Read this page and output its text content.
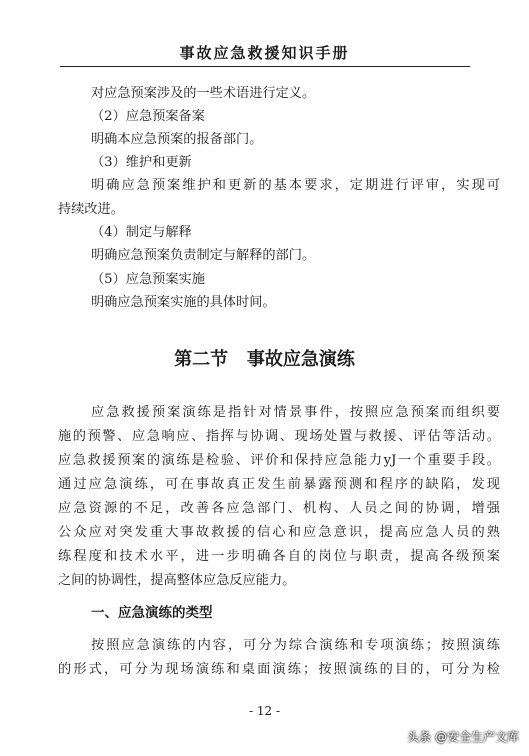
事故应急救援知识手册
对应急预案涉及的一些术语进行定义。
（2）应急预案备案
明确本应急预案的报备部门。
（3）维护和更新
明确应急预案维护和更新的基本要求，定期进行评审，实现可
持续改进。
（4）制定与解释
明确应急预案负责制定与解释的部门。
（5）应急预案实施
明确应急预案实施的具体时间。
第二节   事故应急演练
应急救援预案演练是指针对情景事件，按照应急预案而组织要
施的预警、应急响应、指挥与协调、现场处置与救援、评估等活动。
应急救援预案的演练是检验、评价和保持应急能力yJ一个重要手段。
通过应急演练，可在事故真正发生前暴露预测和程序的缺陷，发现
应急资源的不足，改善各应急部门、机构、人员之间的协调，增强
公众应对突发重大事故救援的信心和应急意识，提高应急人员的熟
练程度和技术水平，进一步明确各自的岗位与职责，提高各级预案
之间的协调性，提高整体应急反应能力。
一、应急演练的类型
按照应急演练的内容，可分为综合演练和专项演练；按照演练
的形式，可分为现场演练和桌面演练；按照演练的目的，可分为检
- 12 -
头条 @安全生产文库
